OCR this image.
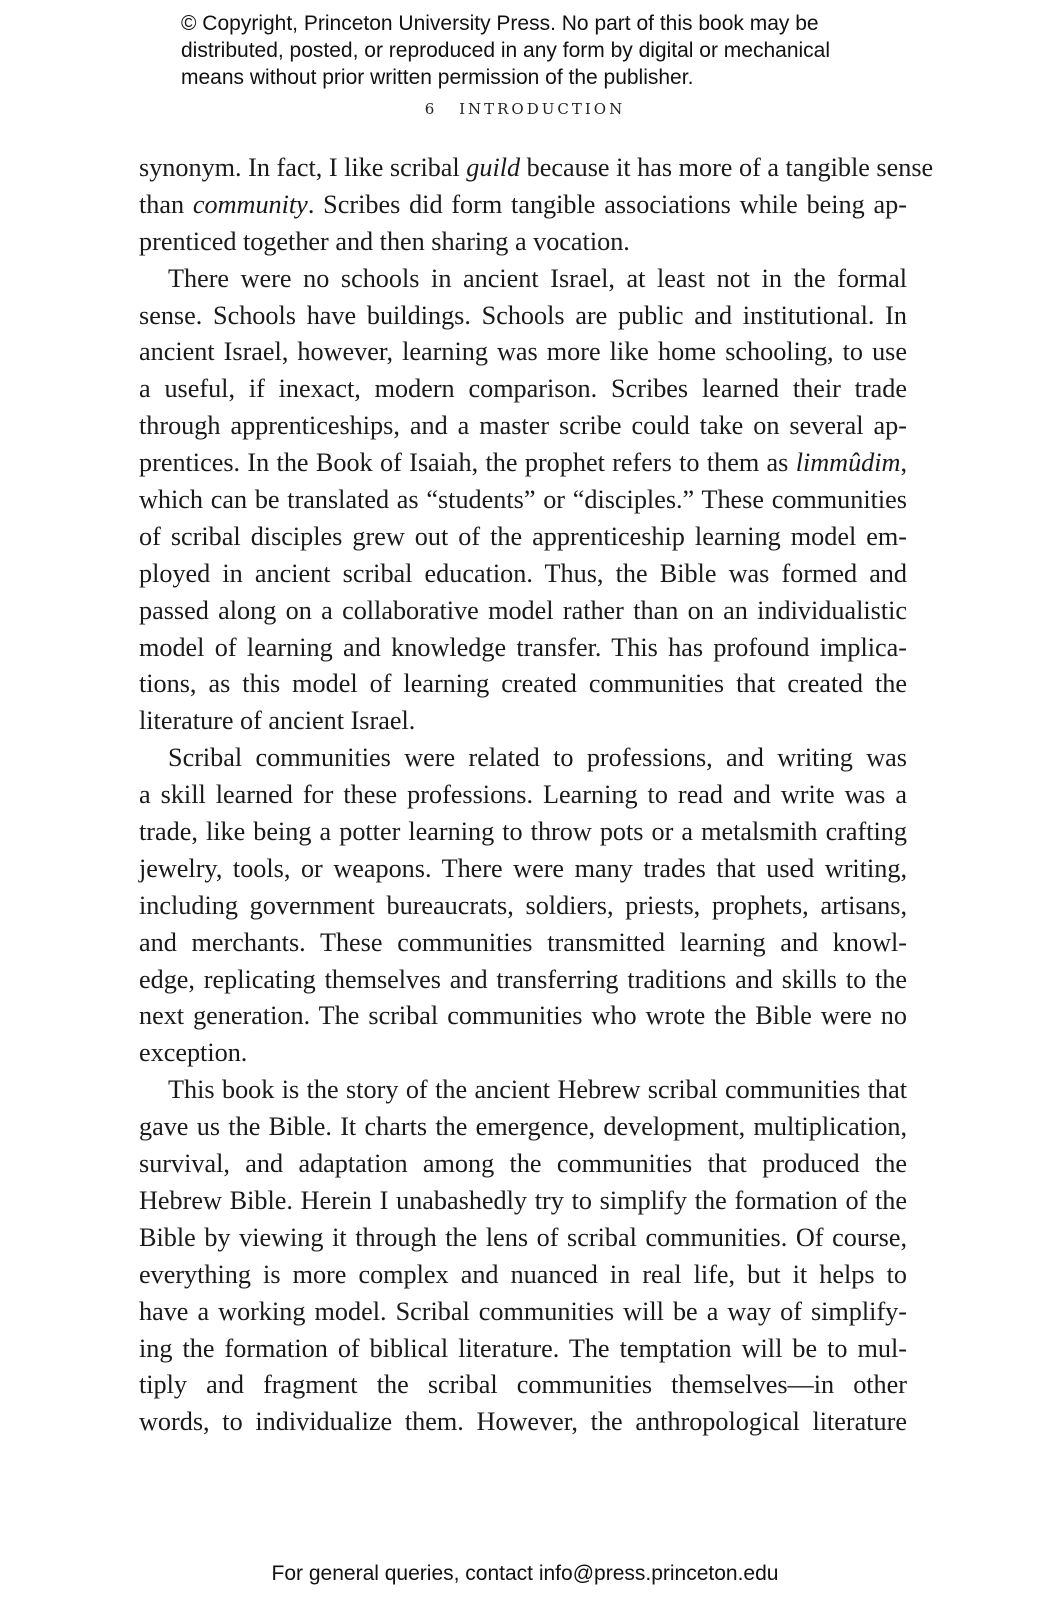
© Copyright, Princeton University Press. No part of this book may be
distributed, posted, or reproduced in any form by digital or mechanical
means without prior written permission of the publisher.
6 INTRODUCTION
synonym. In fact, I like scribal guild because it has more of a tangible sense
than community. Scribes did form tangible associations while being ap-
prenticed together and then sharing a vocation.
There were no schools in ancient Israel, at least not in the formal
sense. Schools have buildings. Schools are public and institutional. In
ancient Israel, however, learning was more like home schooling, to use
a useful, if inexact, modern comparison. Scribes learned their trade
through apprenticeships, and a master scribe could take on several ap-
prentices. In the Book of Isaiah, the prophet refers to them as limmûdim,
which can be translated as “students” or “disciples.” These communities
of scribal disciples grew out of the apprenticeship learning model em-
ployed in ancient scribal education. Thus, the Bible was formed and
passed along on a collaborative model rather than on an individualistic
model of learning and knowledge transfer. This has profound implica-
tions, as this model of learning created communities that created the
literature of ancient Israel.
Scribal communities were related to professions, and writing was
a skill learned for these professions. Learning to read and write was a
trade, like being a potter learning to throw pots or a metalsmith crafting
jewelry, tools, or weapons. There were many trades that used writing,
including government bureaucrats, soldiers, priests, prophets, artisans,
and merchants. These communities transmitted learning and knowl-
edge, replicating themselves and transferring traditions and skills to the
next generation. The scribal communities who wrote the Bible were no
exception.
This book is the story of the ancient Hebrew scribal communities that
gave us the Bible. It charts the emergence, development, multiplication,
survival, and adaptation among the communities that produced the
Hebrew Bible. Herein I unabashedly try to simplify the formation of the
Bible by viewing it through the lens of scribal communities. Of course,
everything is more complex and nuanced in real life, but it helps to
have a working model. Scribal communities will be a way of simplify-
ing the formation of biblical literature. The temptation will be to mul-
tiply and fragment the scribal communities themselves—in other
words, to individualize them. However, the anthropological literature
For general queries, contact info@press.princeton.edu
